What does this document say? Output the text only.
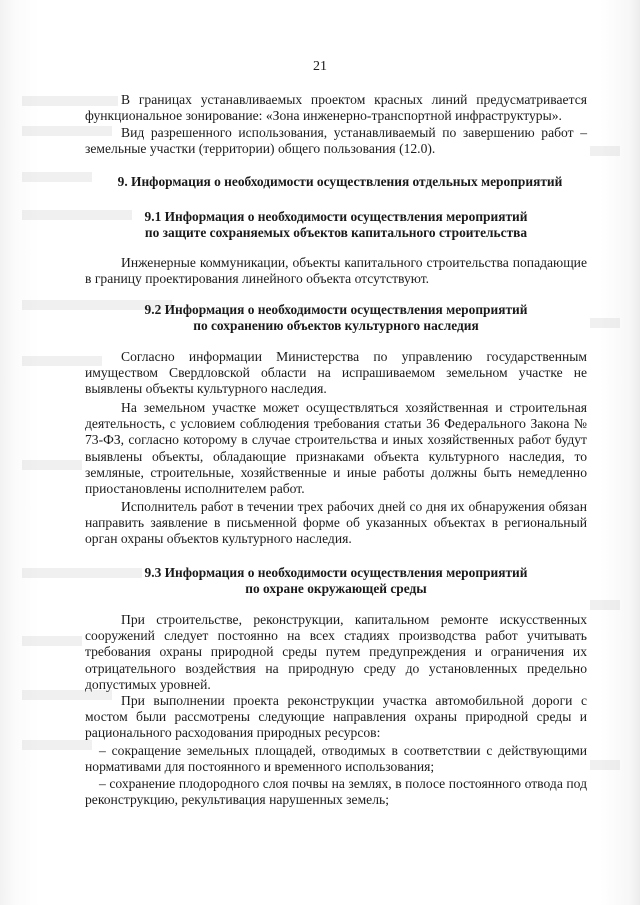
21
В границах устанавливаемых проектом красных линий предусматривается функциональное зонирование: «Зона инженерно-транспортной инфраструктуры».
Вид разрешенного использования, устанавливаемый по завершению работ – земельные участки (территории) общего пользования (12.0).
9. Информация о необходимости осуществления отдельных мероприятий
9.1 Информация о необходимости осуществления мероприятий
по защите сохраняемых объектов капитального строительства
Инженерные коммуникации, объекты капитального строительства попадающие в границу проектирования линейного объекта отсутствуют.
9.2 Информация о необходимости осуществления мероприятий
по сохранению объектов культурного наследия
Согласно информации Министерства по управлению государственным имуществом Свердловской области на испрашиваемом земельном участке не выявлены объекты культурного наследия.
На земельном участке может осуществляться хозяйственная и строительная деятельность, с условием соблюдения требования статьи 36 Федерального Закона № 73-ФЗ, согласно которому в случае строительства и иных хозяйственных работ будут выявлены объекты, обладающие признаками объекта культурного наследия, то земляные, строительные, хозяйственные и иные работы должны быть немедленно приостановлены исполнителем работ.
Исполнитель работ в течении трех рабочих дней со дня их обнаружения обязан направить заявление в письменной форме об указанных объектах в региональный орган охраны объектов культурного наследия.
9.3 Информация о необходимости осуществления мероприятий
по охране окружающей среды
При строительстве, реконструкции, капитальном ремонте искусственных сооружений следует постоянно на всех стадиях производства работ учитывать требования охраны природной среды путем предупреждения и ограничения их отрицательного воздействия на природную среду до установленных предельно допустимых уровней.
При выполнении проекта реконструкции участка автомобильной дороги с мостом были рассмотрены следующие направления охраны природной среды и рационального расходования природных ресурсов:
– сокращение земельных площадей, отводимых в соответствии с действующими нормативами для постоянного и временного использования;
– сохранение плодородного слоя почвы на землях, в полосе постоянного отвода под реконструкцию, рекультивация нарушенных земель;
